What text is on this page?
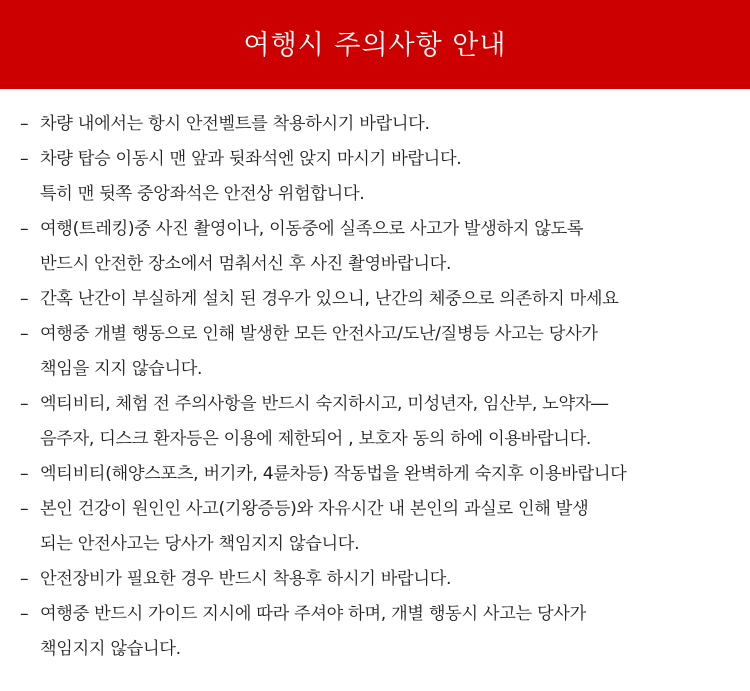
여행시 주의사항 안내
– 차량 내에서는 항시 안전벨트를 착용하시기 바랍니다.
– 차량 탑승 이동시 맨 앞과 뒷좌석엔 앉지 마시기 바랍니다.
특히 맨 뒷쪽 중앙좌석은 안전상 위험합니다.
– 여행(트레킹)중 사진 촬영이나, 이동중에 실족으로 사고가 발생하지 않도록
반드시 안전한 장소에서 멈춰서신 후 사진 촬영바랍니다.
– 간혹 난간이 부실하게 설치 된 경우가 있으니, 난간의 체중으로 의존하지 마세요
– 여행중 개별 행동으로 인해 발생한 모든 안전사고/도난/질병등 사고는 당사가
책임을 지지 않습니다.
– 엑티비티, 체험 전 주의사항을 반드시 숙지하시고, 미성년자, 임산부, 노약자―
음주자, 디스크 환자등은 이용에 제한되어 , 보호자 동의 하에 이용바랍니다.
– 엑티비티(해양스포츠, 버기카, 4륜차등) 작동법을 완벽하게 숙지후 이용바랍니다
– 본인 건강이 원인인 사고(기왕증등)와 자유시간 내 본인의 과실로 인해 발생
되는 안전사고는 당사가 책임지지 않습니다.
– 안전장비가 필요한 경우 반드시 착용후 하시기 바랍니다.
– 여행중 반드시 가이드 지시에 따라 주셔야 하며, 개별 행동시 사고는 당사가
책임지지 않습니다.
